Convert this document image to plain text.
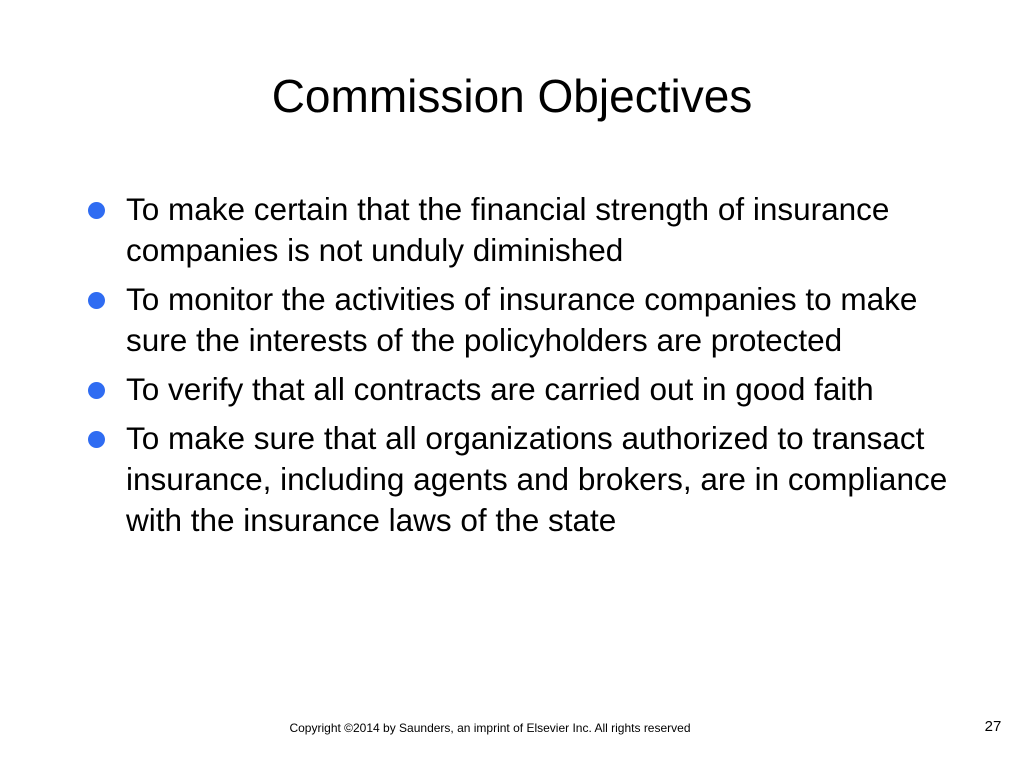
Commission Objectives
To make certain that the financial strength of insurance companies is not unduly diminished
To monitor the activities of insurance companies to make sure the interests of the policyholders are protected
To verify that all contracts are carried out in good faith
To make sure that all organizations authorized to transact insurance, including agents and brokers, are in compliance with the insurance laws of the state
Copyright ©2014 by Saunders, an imprint of Elsevier Inc. All rights reserved	27
